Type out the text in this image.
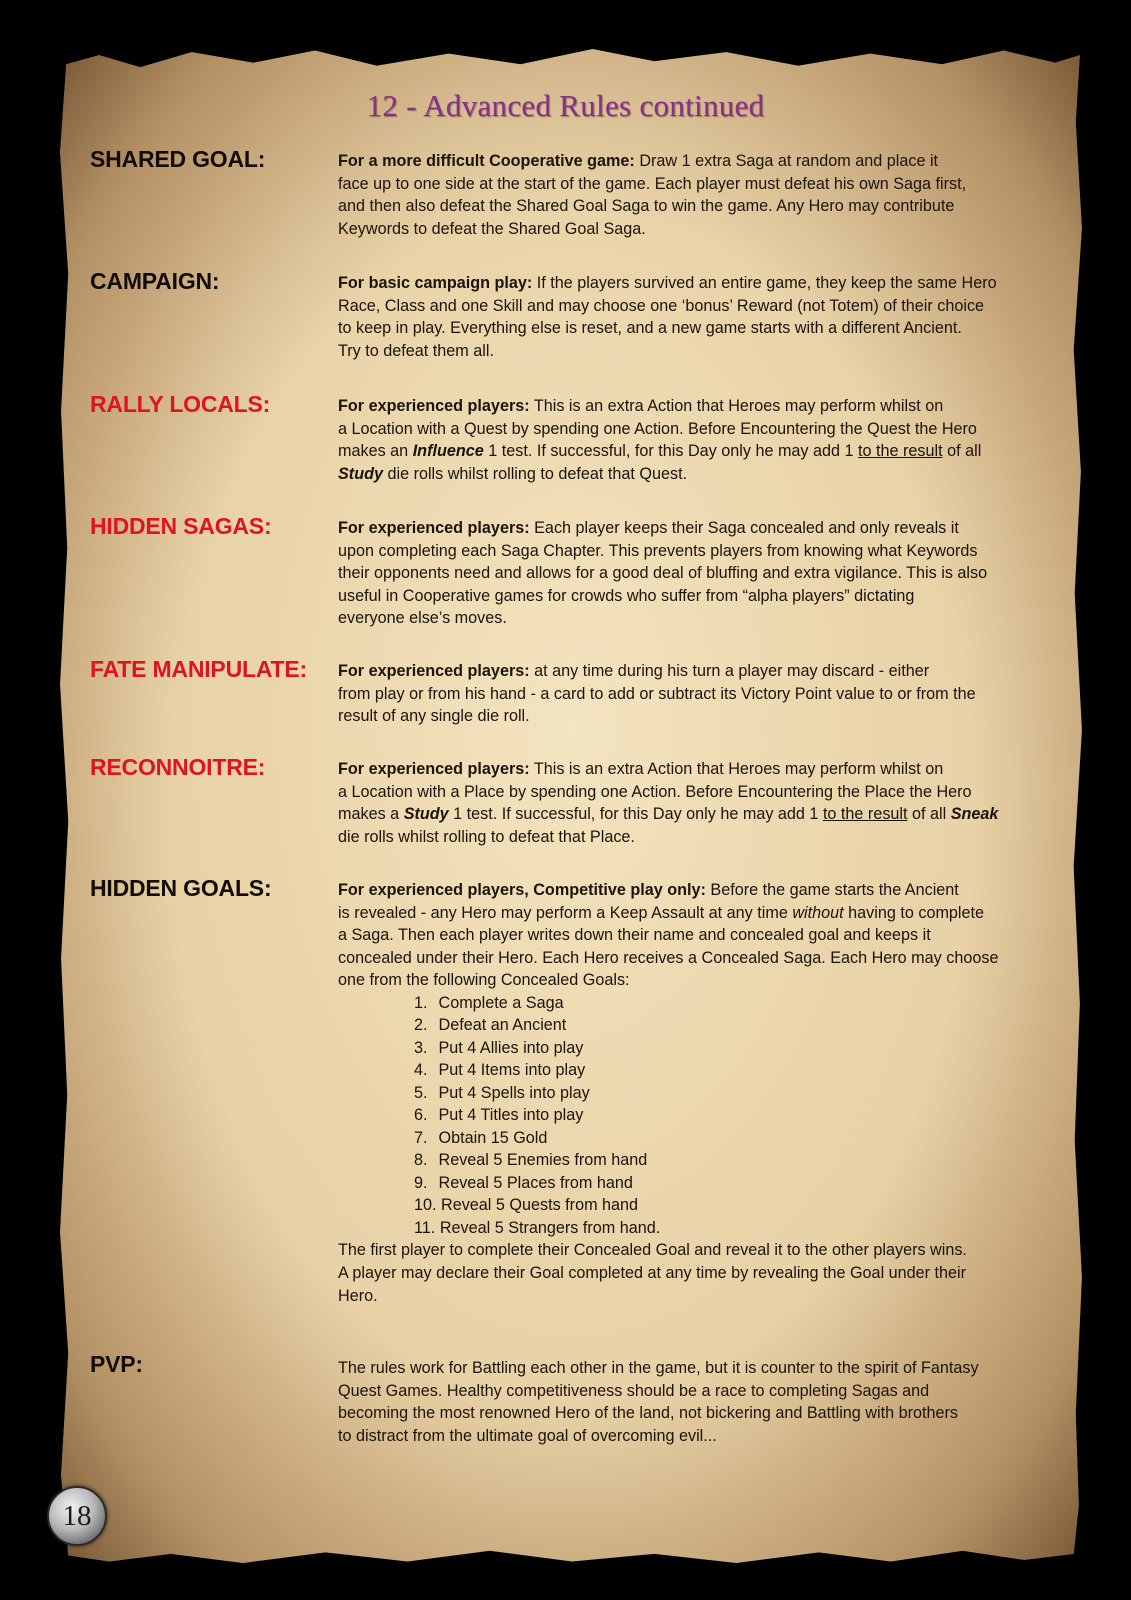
12 - Advanced Rules continued
SHARED GOAL:	For a more difficult Cooperative game: Draw 1 extra Saga at random and place it
face up to one side at the start of the game. Each player must defeat his own Saga first,
and then also defeat the Shared Goal Saga to win the game. Any Hero may contribute
Keywords to defeat the Shared Goal Saga.
CAMPAIGN:	For basic campaign play: If the players survived an entire game, they keep the same Hero
Race, Class and one Skill and may choose one ‘bonus’ Reward (not Totem) of their choice
to keep in play. Everything else is reset, and a new game starts with a different Ancient.
Try to defeat them all.
RALLY LOCALS:	For experienced players: This is an extra Action that Heroes may perform whilst on
a Location with a Quest by spending one Action. Before Encountering the Quest the Hero
makes an Influence 1 test. If successful, for this Day only he may add 1 to the result of all
Study die rolls whilst rolling to defeat that Quest.
HIDDEN SAGAS:	For experienced players: Each player keeps their Saga concealed and only reveals it
upon completing each Saga Chapter. This prevents players from knowing what Keywords
their opponents need and allows for a good deal of bluffing and extra vigilance. This is also
useful in Cooperative games for crowds who suffer from “alpha players” dictating
everyone else’s moves.
FATE MANIPULATE:	For experienced players: at any time during his turn a player may discard - either
from play or from his hand - a card to add or subtract its Victory Point value to or from the
result of any single die roll.
RECONNOITRE:	For experienced players: This is an extra Action that Heroes may perform whilst on
a Location with a Place by spending one Action. Before Encountering the Place the Hero
makes a Study 1 test. If successful, for this Day only he may add 1 to the result of all Sneak
die rolls whilst rolling to defeat that Place.
HIDDEN GOALS:	For experienced players, Competitive play only: Before the game starts the Ancient
is revealed - any Hero may perform a Keep Assault at any time without having to complete
a Saga. Then each player writes down their name and concealed goal and keeps it
concealed under their Hero. Each Hero receives a Concealed Saga. Each Hero may choose
one from the following Concealed Goals:
1. Complete a Saga
2. Defeat an Ancient
3. Put 4 Allies into play
4. Put 4 Items into play
5. Put 4 Spells into play
6. Put 4 Titles into play
7. Obtain 15 Gold
8. Reveal 5 Enemies from hand
9. Reveal 5 Places from hand
10. Reveal 5 Quests from hand
11. Reveal 5 Strangers from hand.
The first player to complete their Concealed Goal and reveal it to the other players wins.
A player may declare their Goal completed at any time by revealing the Goal under their
Hero.
PVP:	The rules work for Battling each other in the game, but it is counter to the spirit of Fantasy
Quest Games. Healthy competitiveness should be a race to completing Sagas and
becoming the most renowned Hero of the land, not bickering and Battling with brothers
to distract from the ultimate goal of overcoming evil...
18
